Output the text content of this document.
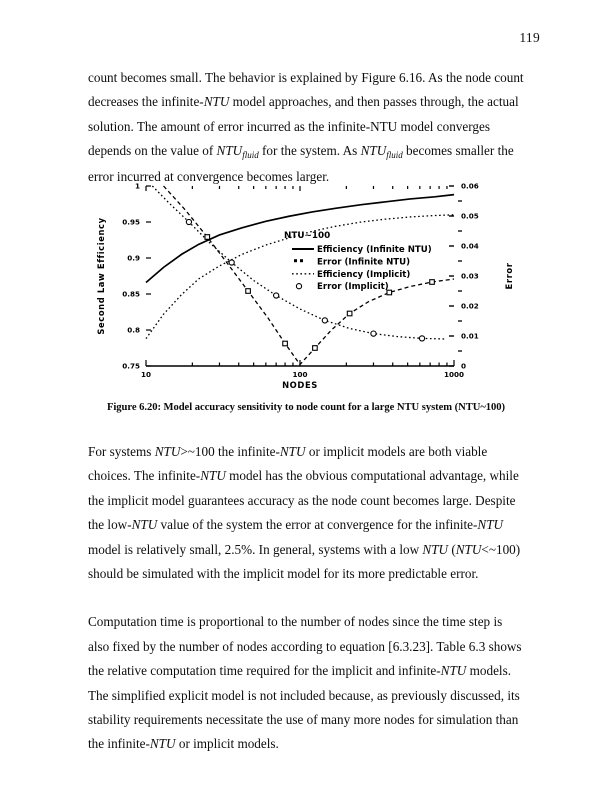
119

count becomes small. The behavior is explained by Figure 6.16. As the node count decreases the infinite-NTU model approaches, and then passes through, the actual solution. The amount of error incurred as the infinite-NTU model converges depends on the value of $NTU_{fluid}$ for the system. As $NTU_{fluid}$ becomes smaller the error incurred at convergence becomes larger.

10	100	1000
NODES
0.75
0.8
0.85
0.9
0.95
1
Second Law Efficiency
0
0.01
0.02
0.03
0.04
0.05
0.06
Error
NTU~100
Efficiency (Infinite NTU)
Error (Infinite NTU)
Efficiency (Implicit)
Error (Implicit)
Figure 6.20: Model accuracy sensitivity to node count for a large NTU system (NTU~100)

For systems NTU>~100 the infinite-NTU or implicit models are both viable choices. The infinite-NTU model has the obvious computational advantage, while the implicit model guarantees accuracy as the node count becomes large. Despite the low-NTU value of the system the error at convergence for the infinite-NTU model is relatively small, 2.5%. In general, systems with a low NTU (NTU<~100) should be simulated with the implicit model for its more predictable error.

Computation time is proportional to the number of nodes since the time step is also fixed by the number of nodes according to equation [6.3.23]. Table 6.3 shows the relative computation time required for the implicit and infinite-NTU models. The simplified explicit model is not included because, as previously discussed, its stability requirements necessitate the use of many more nodes for simulation than the infinite-NTU or implicit models.
